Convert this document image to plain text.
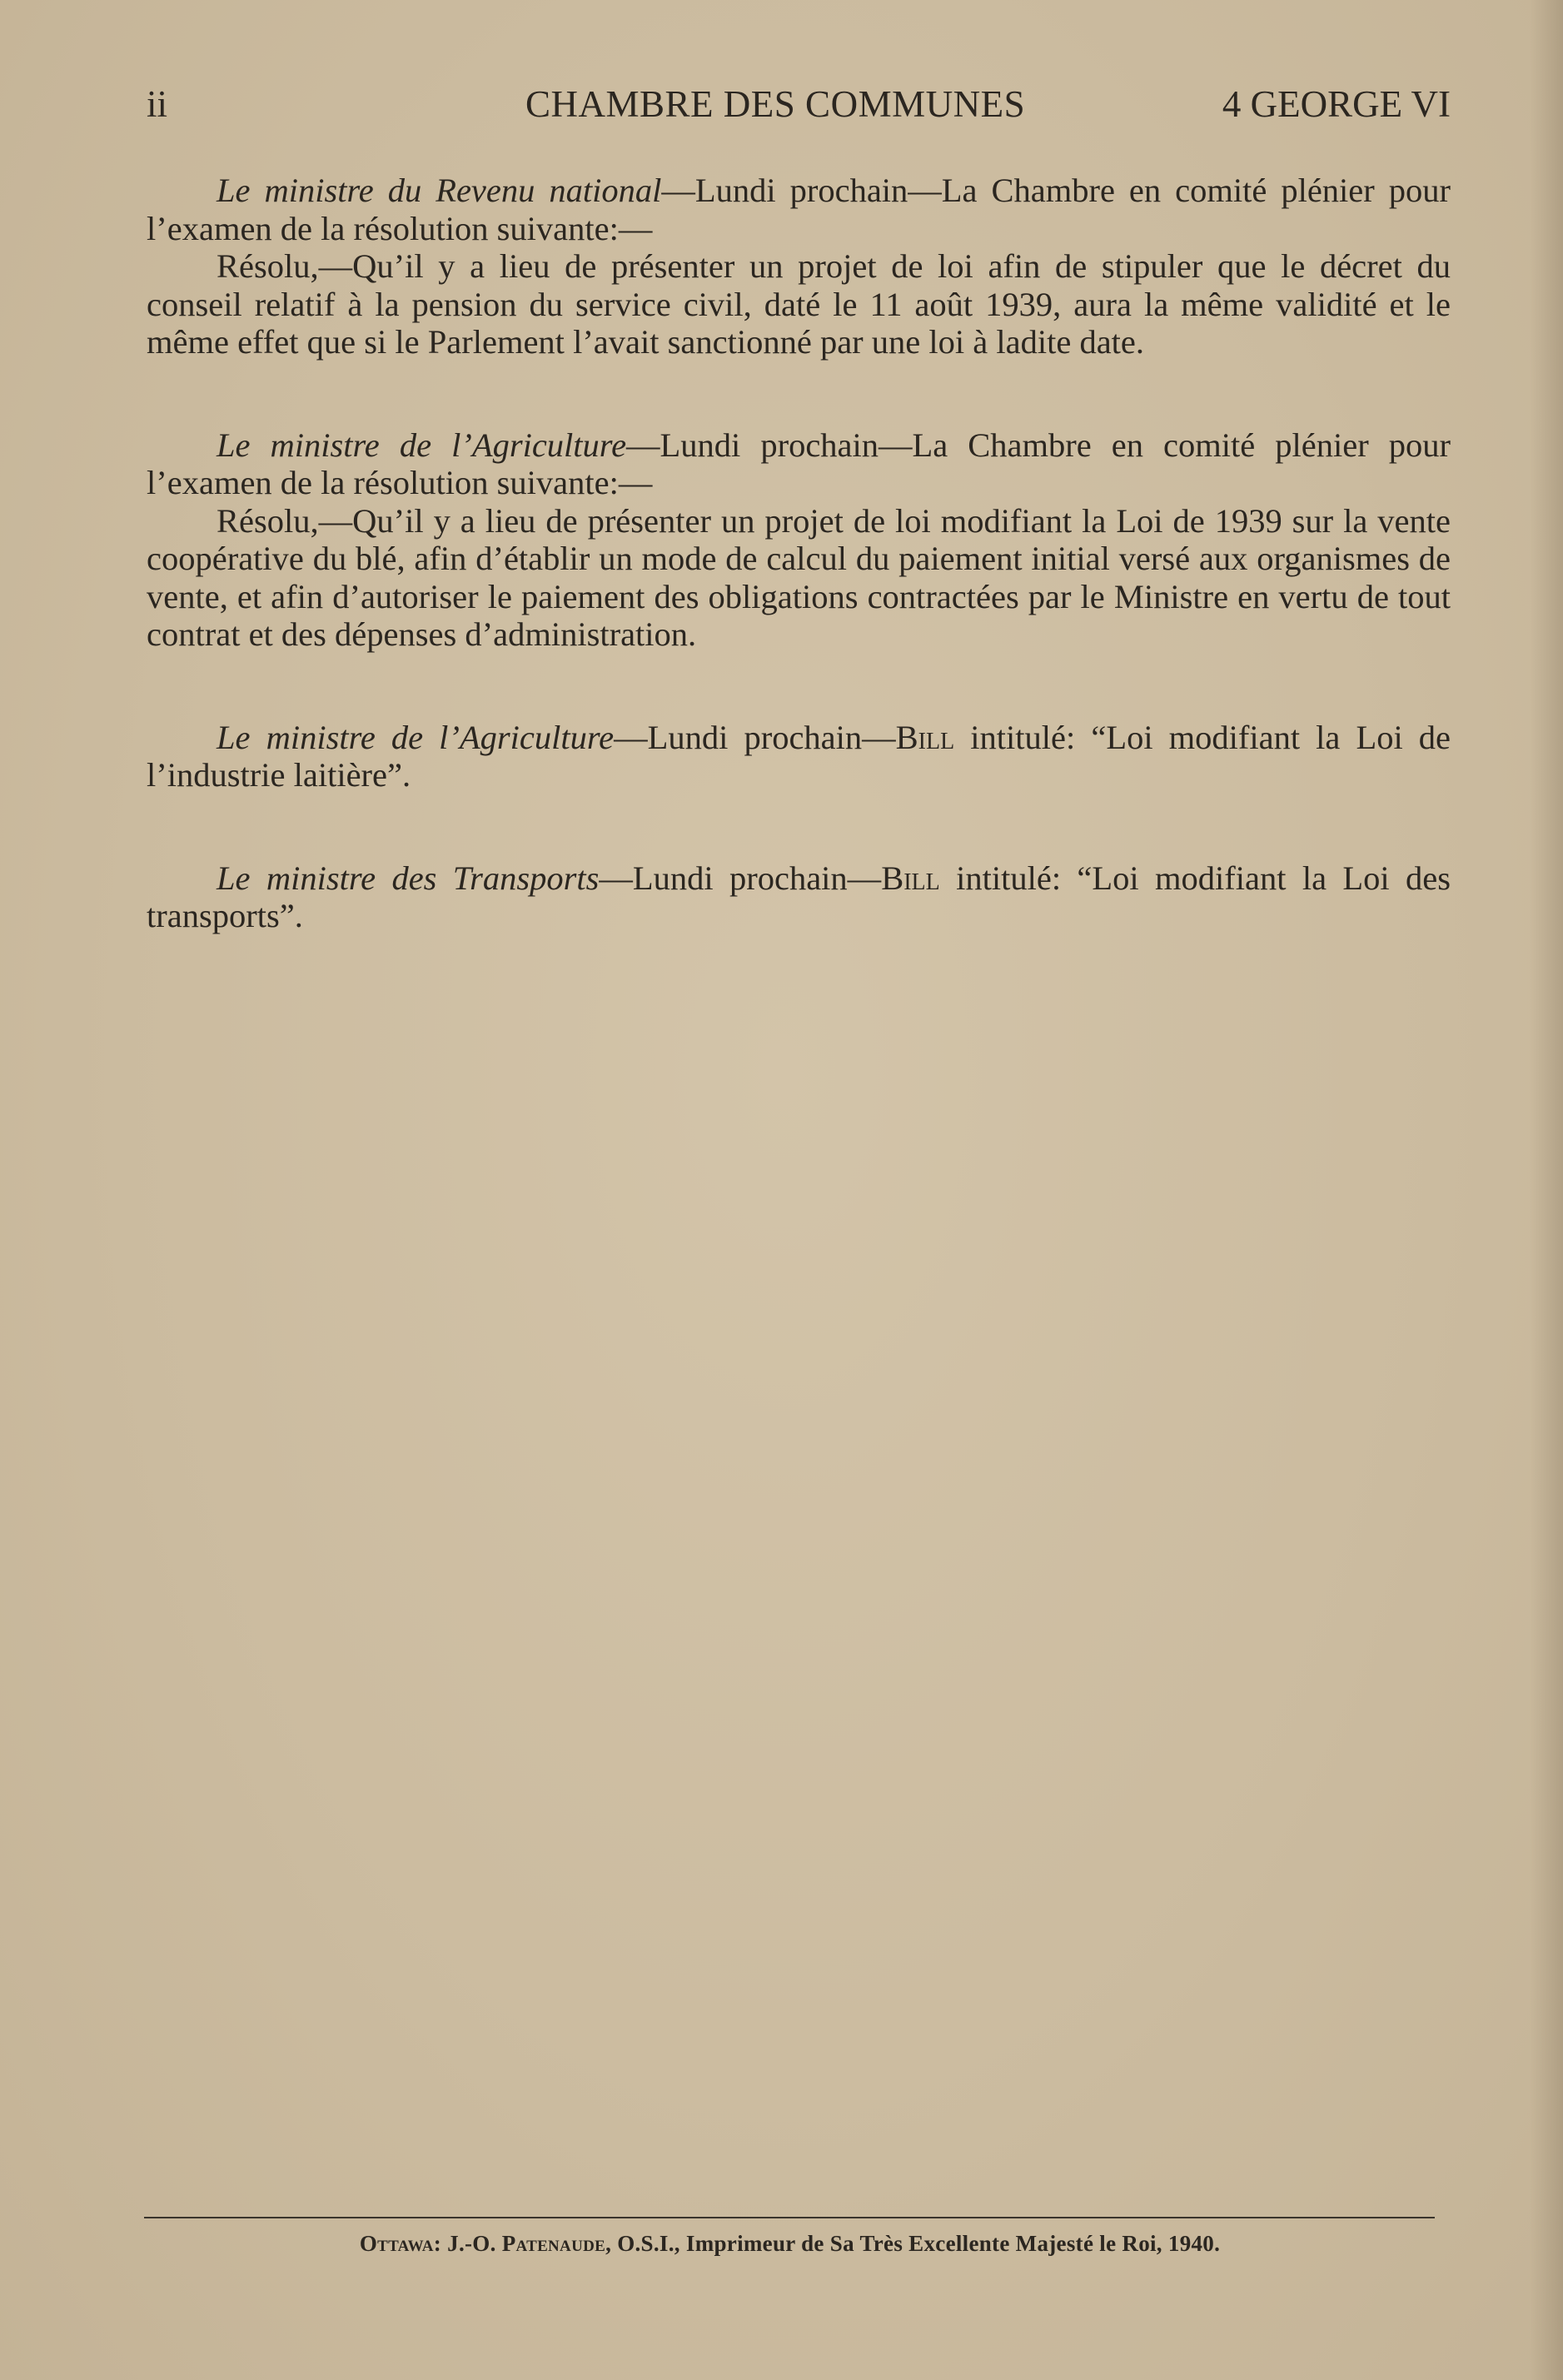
ii	CHAMBRE DES COMMUNES	4 GEORGE VI

Le ministre du Revenu national—Lundi prochain—La Chambre en comité plénier pour l’examen de la résolution suivante:—

Résolu,—Qu’il y a lieu de présenter un projet de loi afin de stipuler que le décret du conseil relatif à la pension du service civil, daté le 11 août 1939, aura la même validité et le même effet que si le Parlement l’avait sanctionné par une loi à ladite date.

Le ministre de l’Agriculture—Lundi prochain—La Chambre en comité plénier pour l’examen de la résolution suivante:—

Résolu,—Qu’il y a lieu de présenter un projet de loi modifiant la Loi de 1939 sur la vente coopérative du blé, afin d’établir un mode de calcul du paiement initial versé aux organismes de vente, et afin d’autoriser le paiement des obligations contractées par le Ministre en vertu de tout contrat et des dépenses d’administration.

Le ministre de l’Agriculture—Lundi prochain—Bill intitulé: “Loi modifiant la Loi de l’industrie laitière”.

Le ministre des Transports—Lundi prochain—Bill intitulé: “Loi modifiant la Loi des transports”.

Ottawa: J.-O. Patenaude, O.S.I., Imprimeur de Sa Très Excellente Majesté le Roi, 1940.
